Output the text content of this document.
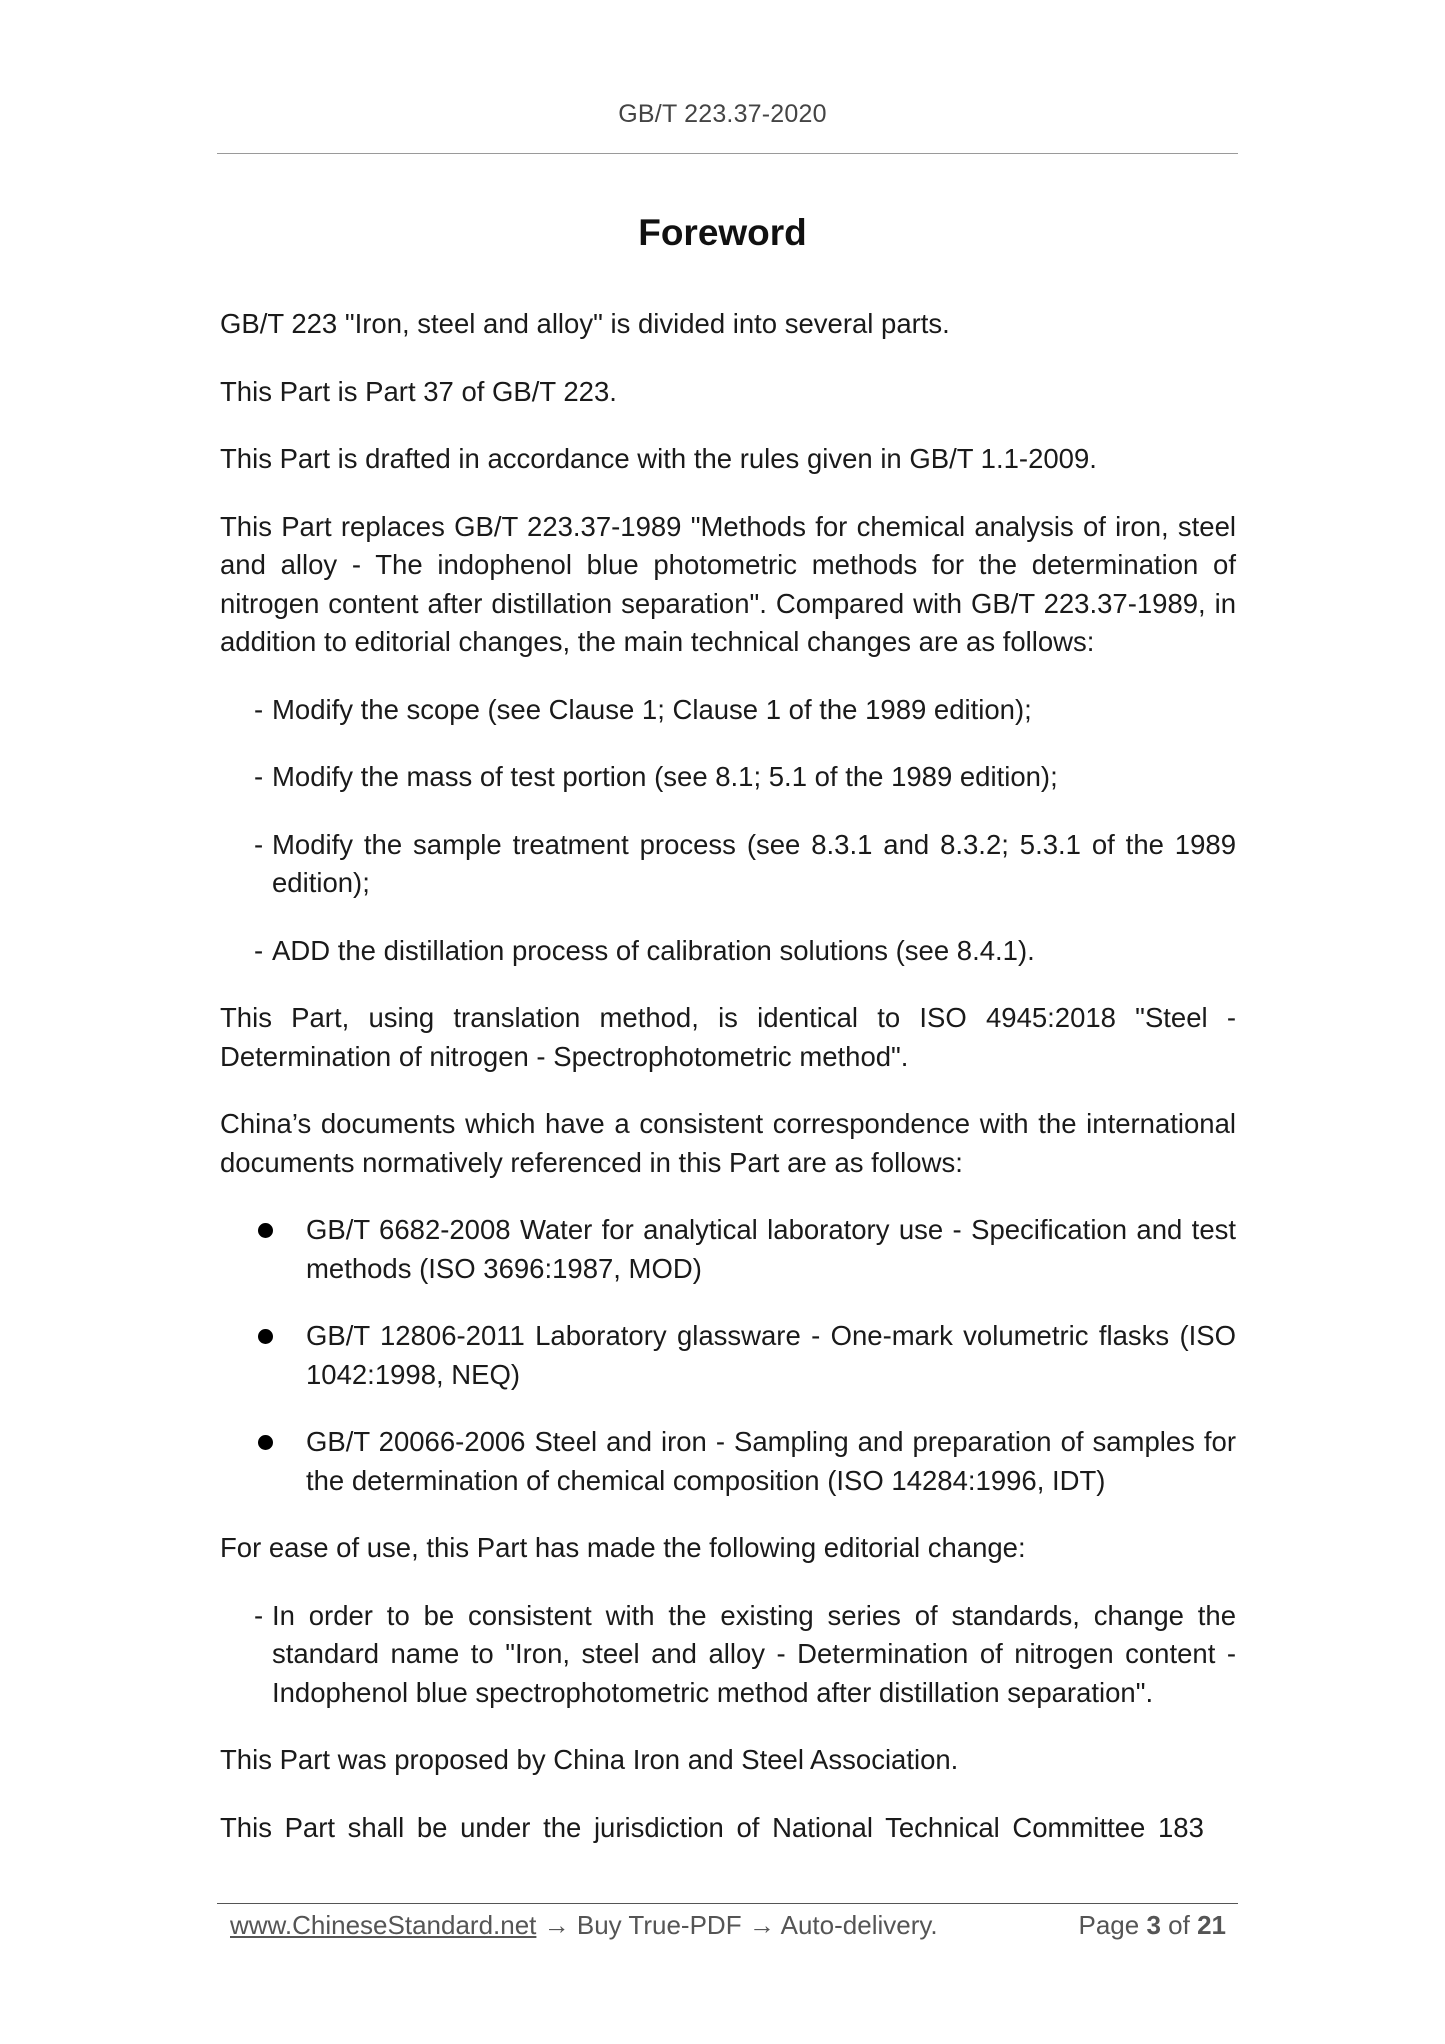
GB/T 223.37-2020
Foreword

GB/T 223 "Iron, steel and alloy" is divided into several parts.

This Part is Part 37 of GB/T 223.

This Part is drafted in accordance with the rules given in GB/T 1.1-2009.

This Part replaces GB/T 223.37-1989 "Methods for chemical analysis of iron, steel and alloy - The indophenol blue photometric methods for the determination of nitrogen content after distillation separation". Compared with GB/T 223.37-1989, in addition to editorial changes, the main technical changes are as follows:

- Modify the scope (see Clause 1; Clause 1 of the 1989 edition);
- Modify the mass of test portion (see 8.1; 5.1 of the 1989 edition);
- Modify the sample treatment process (see 8.3.1 and 8.3.2; 5.3.1 of the 1989 edition);
- ADD the distillation process of calibration solutions (see 8.4.1).

This Part, using translation method, is identical to ISO 4945:2018 "Steel - Determination of nitrogen - Spectrophotometric method".

China’s documents which have a consistent correspondence with the international documents normatively referenced in this Part are as follows:

GB/T 6682-2008 Water for analytical laboratory use - Specification and test methods (ISO 3696:1987, MOD)
GB/T 12806-2011 Laboratory glassware - One-mark volumetric flasks (ISO 1042:1998, NEQ)
GB/T 20066-2006 Steel and iron - Sampling and preparation of samples for the determination of chemical composition (ISO 14284:1996, IDT)

For ease of use, this Part has made the following editorial change:

- In order to be consistent with the existing series of standards, change the standard name to "Iron, steel and alloy - Determination of nitrogen content - Indophenol blue spectrophotometric method after distillation separation".

This Part was proposed by China Iron and Steel Association.

This Part shall be under the jurisdiction of National Technical Committee 183

www.ChineseStandard.net → Buy True-PDF → Auto-delivery.	Page 3 of 21
